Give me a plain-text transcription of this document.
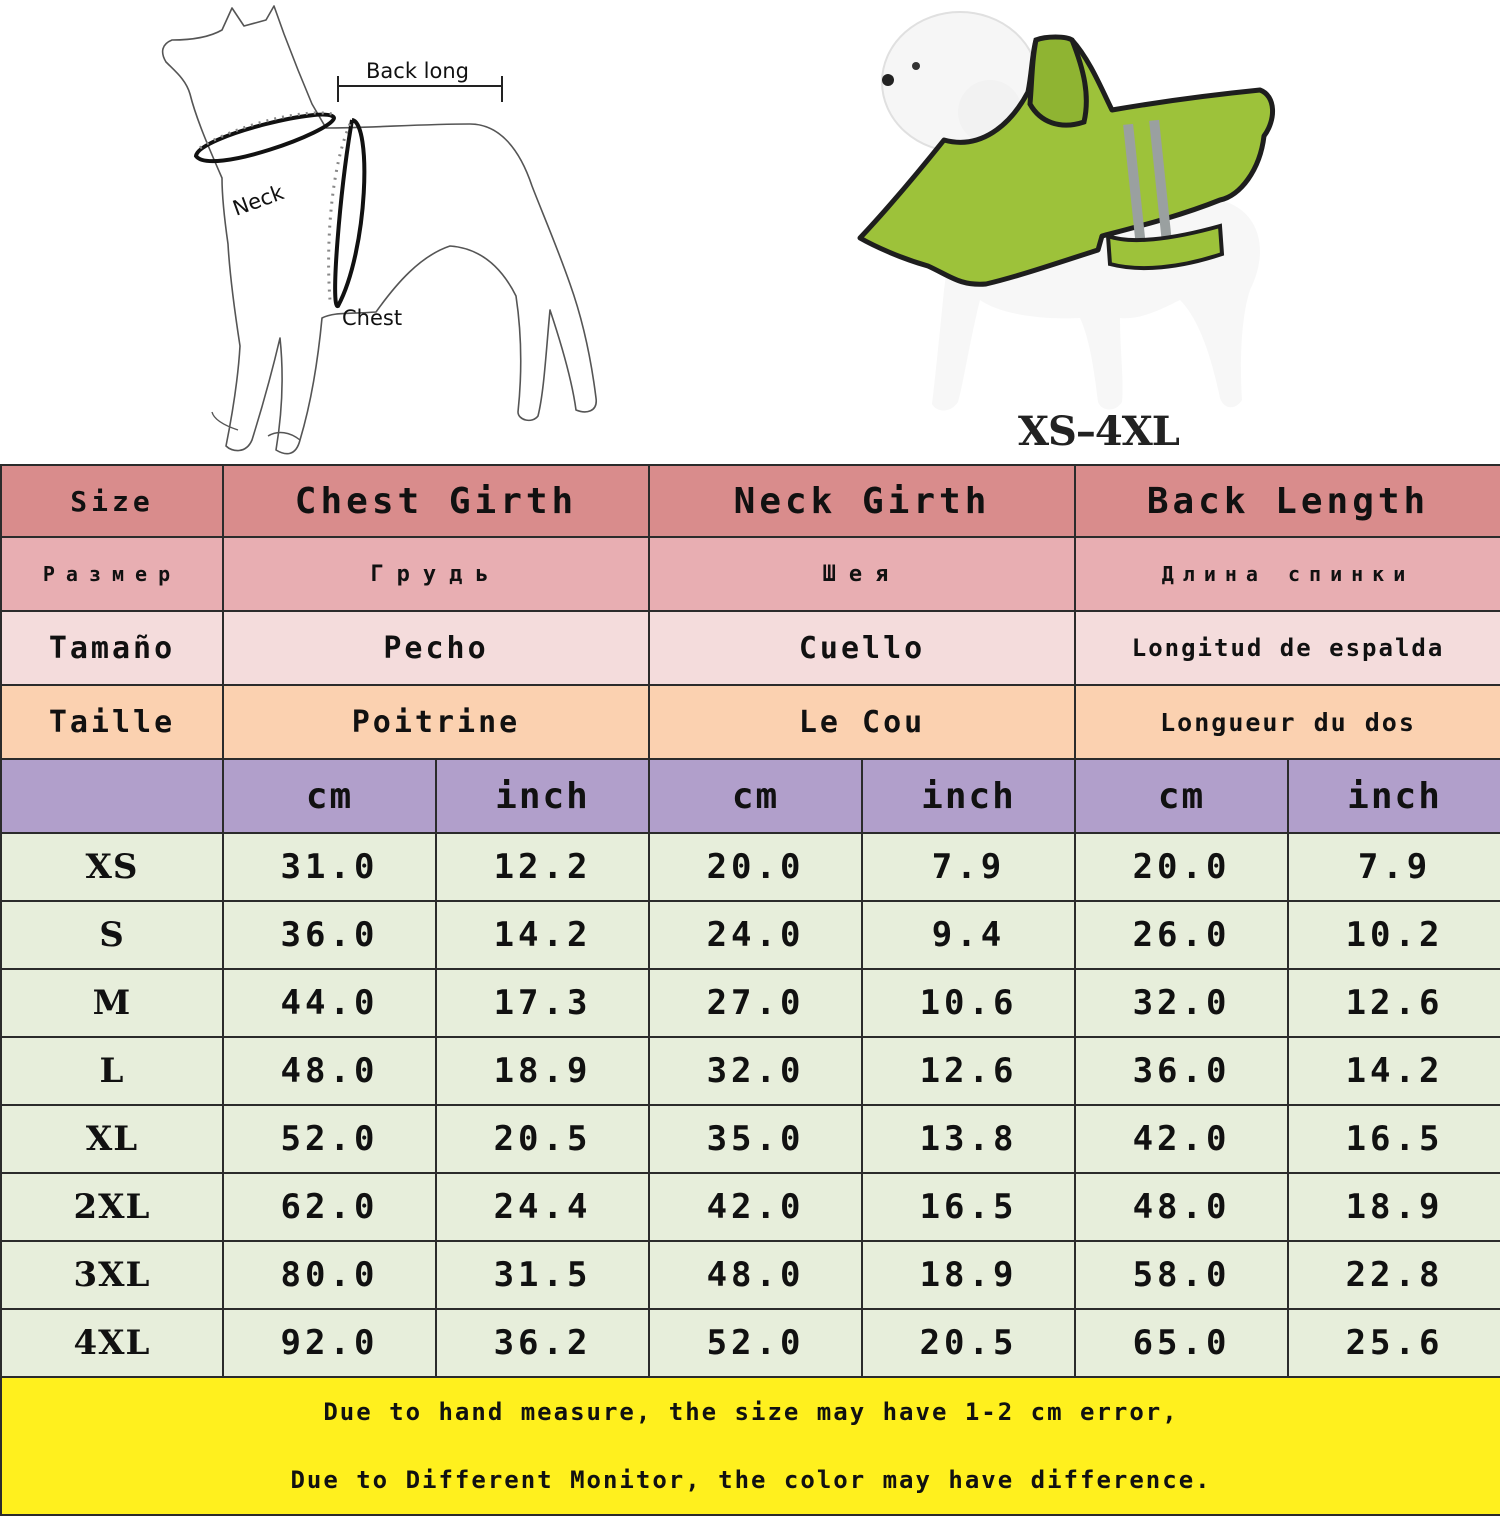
Back long
Neck
Chest
XS–4XL
Size	Chest Girth		Neck Girth		Back Length	
Размер	Грудь		Шея		Длина спинки	
Tamaño	Pecho		Cuello		Longitud de espalda	
Taille	Poitrine		Le Cou		Longueur du dos	
	cm	inch	cm	inch	cm	inch
XS	31.0	12.2	20.0	7.9	20.0	7.9
S	36.0	14.2	24.0	9.4	26.0	10.2
M	44.0	17.3	27.0	10.6	32.0	12.6
L	48.0	18.9	32.0	12.6	36.0	14.2
XL	52.0	20.5	35.0	13.8	42.0	16.5
2XL	62.0	24.4	42.0	16.5	48.0	18.9
3XL	80.0	31.5	48.0	18.9	58.0	22.8
4XL	92.0	36.2	52.0	20.5	65.0	25.6

Due to hand measure, the size may have 1-2 cm error,
Due to Different Monitor, the color may have difference.						
